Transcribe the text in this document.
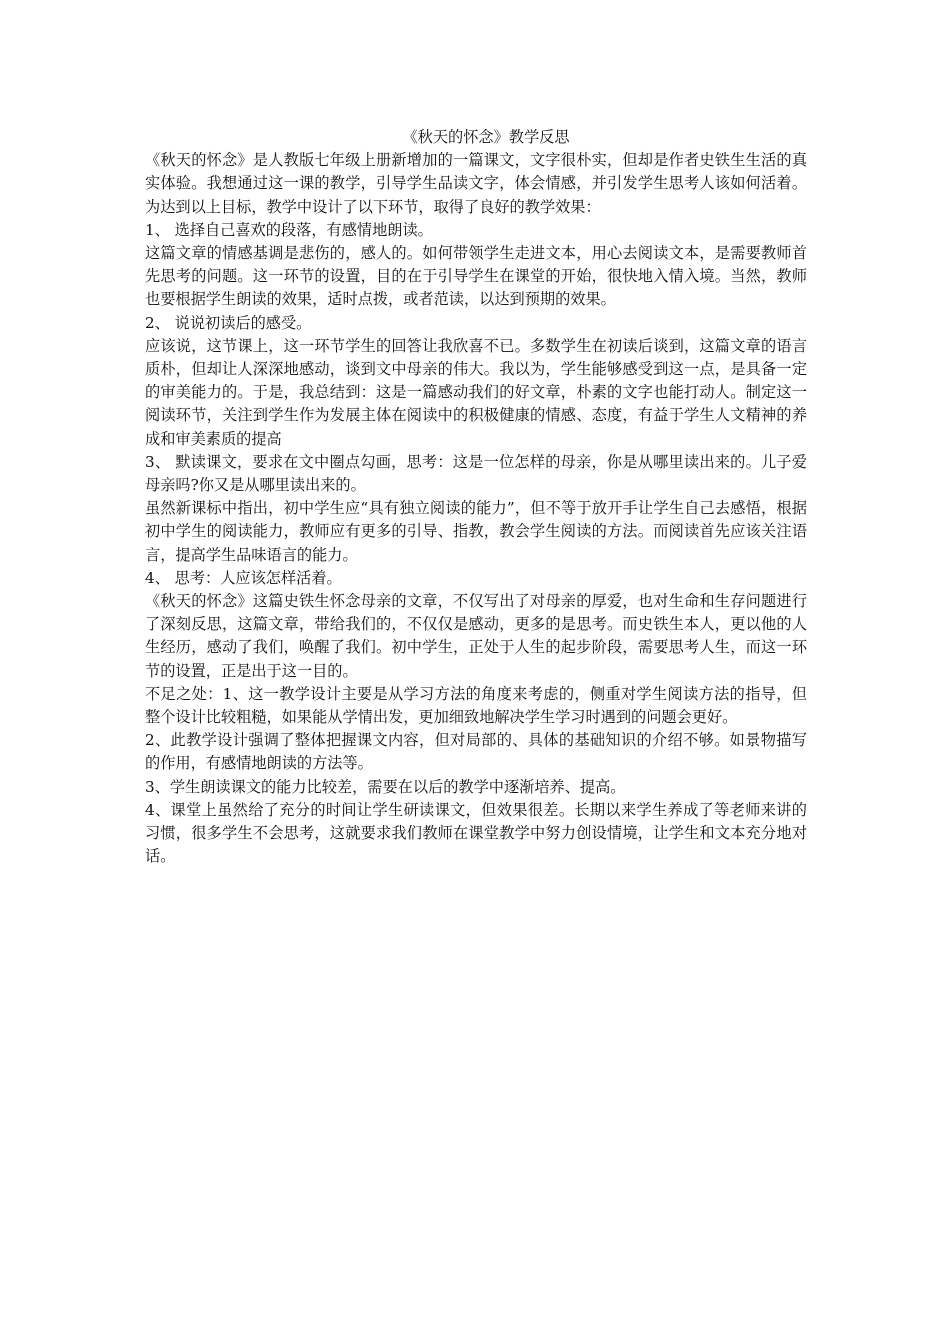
《秋天的怀念》教学反思

《秋天的怀念》是人教版七年级上册新增加的一篇课文，文字很朴实，但却是作者史铁生生活的真实体验。我想通过这一课的教学，引导学生品读文字，体会情感，并引发学生思考人该如何活着。为达到以上目标，教学中设计了以下环节，取得了良好的教学效果：

1、 选择自己喜欢的段落，有感情地朗读。

这篇文章的情感基调是悲伤的，感人的。如何带领学生走进文本，用心去阅读文本，是需要教师首先思考的问题。这一环节的设置，目的在于引导学生在课堂的开始，很快地入情入境。当然，教师也要根据学生朗读的效果，适时点拨，或者范读，以达到预期的效果。

2、 说说初读后的感受。

应该说，这节课上，这一环节学生的回答让我欣喜不已。多数学生在初读后谈到，这篇文章的语言质朴，但却让人深深地感动，谈到文中母亲的伟大。我以为，学生能够感受到这一点，是具备一定的审美能力的。于是，我总结到：这是一篇感动我们的好文章，朴素的文字也能打动人。制定这一阅读环节，关注到学生作为发展主体在阅读中的积极健康的情感、态度，有益于学生人文精神的养成和审美素质的提高

3、 默读课文，要求在文中圈点勾画，思考：这是一位怎样的母亲，你是从哪里读出来的。儿子爱母亲吗?你又是从哪里读出来的。

虽然新课标中指出，初中学生应“具有独立阅读的能力”，但不等于放开手让学生自己去感悟，根据初中学生的阅读能力，教师应有更多的引导、指教，教会学生阅读的方法。而阅读首先应该关注语言，提高学生品味语言的能力。

4、 思考：人应该怎样活着。

《秋天的怀念》这篇史铁生怀念母亲的文章，不仅写出了对母亲的厚爱，也对生命和生存问题进行了深刻反思，这篇文章，带给我们的，不仅仅是感动，更多的是思考。而史铁生本人，更以他的人生经历，感动了我们，唤醒了我们。初中学生，正处于人生的起步阶段，需要思考人生，而这一环节的设置，正是出于这一目的。

不足之处：1、这一教学设计主要是从学习方法的角度来考虑的，侧重对学生阅读方法的指导，但整个设计比较粗糙，如果能从学情出发，更加细致地解决学生学习时遇到的问题会更好。

2、此教学设计强调了整体把握课文内容，但对局部的、具体的基础知识的介绍不够。如景物描写的作用，有感情地朗读的方法等。

3、学生朗读课文的能力比较差，需要在以后的教学中逐渐培养、提高。

4、课堂上虽然给了充分的时间让学生研读课文，但效果很差。长期以来学生养成了等老师来讲的习惯，很多学生不会思考，这就要求我们教师在课堂教学中努力创设情境，让学生和文本充分地对话。
